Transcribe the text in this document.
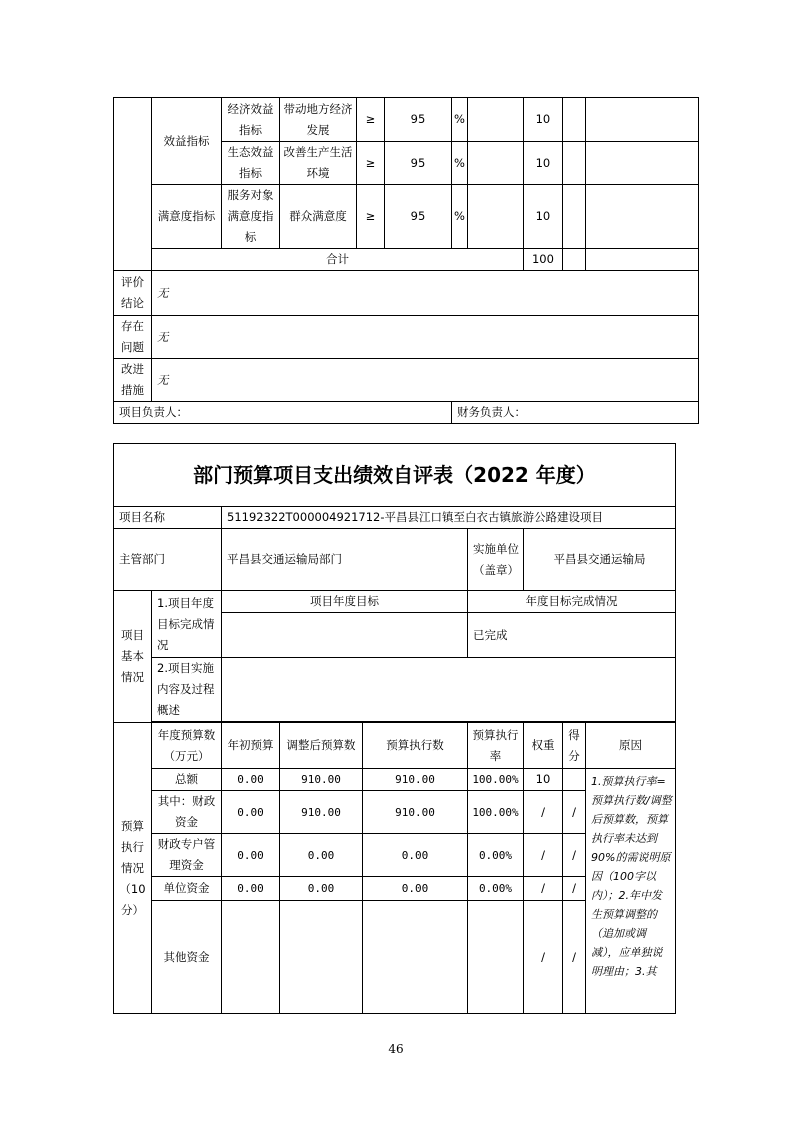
	效益指标	经济效益指标	带动地方经济发展	≥	95	%		10		
		生态效益指标	改善生产生活环境	≥	95	%		10		
	满意度指标	服务对象满意度指标	群众满意度	≥	95	%		10		
	合计							100		
评价结论	无									
存在问题	无									
改进措施	无									
项目负责人：						财务负责人：				
部门预算项目支出绩效自评表（2022 年度）								
项目名称		51192322T000004921712-平昌县江口镇至白衣古镇旅游公路建设项目						
主管部门		平昌县交通运输局部门			实施单位（盖章）	平昌县交通运输局		
项目基本情况	1.项目年度目标完成情况	项目年度目标			年度目标完成情况			
					已完成			
	2.项目实施内容及过程概述							

预算执行情况（10分）	年度预算数（万元）	年初预算	调整后预算数	预算执行数	预算执行率	权重	得分	原因
	总额	0.00	910.00	910.00	100.00%	10		1.预算执行率=预算执行数/调整后预算数，预算执行率未达到90%的需说明原因（100字以内）；2.年中发生预算调整的（追加或调减），应单独说明理由；3.其
	其中：财政资金	0.00	910.00	910.00	100.00%	/	/	
	财政专户管理资金	0.00	0.00	0.00	0.00%	/	/	
	单位资金	0.00	0.00	0.00	0.00%	/	/	
	其他资金					/	/	
46
